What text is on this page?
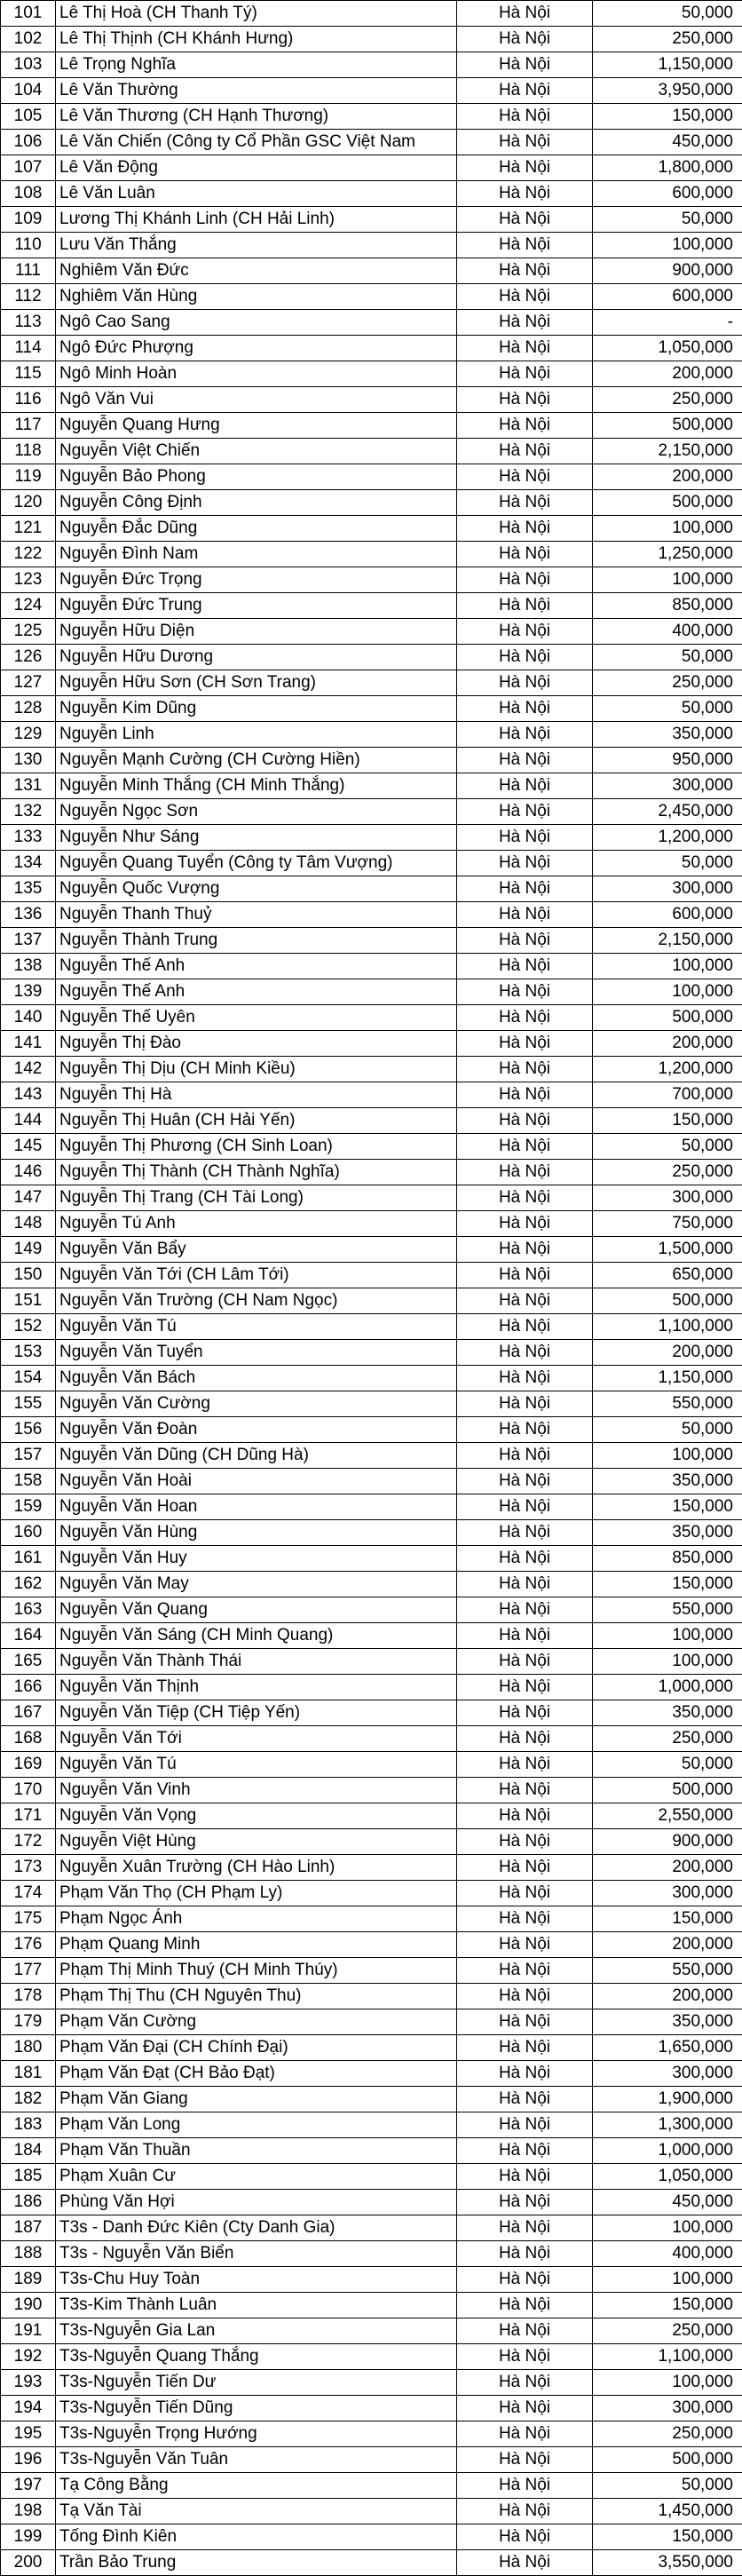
101	Lê Thị Hoà (CH Thanh Tý)	Hà Nội	50,000
102	Lê Thị Thịnh (CH Khánh Hưng)	Hà Nội	250,000
103	Lê Trọng Nghĩa	Hà Nội	1,150,000
104	Lê Văn Thường	Hà Nội	3,950,000
105	Lê Văn Thương (CH Hạnh Thương)	Hà Nội	150,000
106	Lê Văn Chiến (Công ty Cổ Phần GSC Việt Nam	Hà Nội	450,000
107	Lê Văn Động	Hà Nội	1,800,000
108	Lê Văn Luân	Hà Nội	600,000
109	Lương Thị Khánh Linh (CH Hải Linh)	Hà Nội	50,000
110	Lưu Văn Thắng	Hà Nội	100,000
111	Nghiêm Văn Đức	Hà Nội	900,000
112	Nghiêm Văn Hùng	Hà Nội	600,000
113	Ngô Cao Sang	Hà Nội	-
114	Ngô Đức Phượng	Hà Nội	1,050,000
115	Ngô Minh Hoàn	Hà Nội	200,000
116	Ngô Văn Vui	Hà Nội	250,000
117	Nguyễn Quang Hưng	Hà Nội	500,000
118	Nguyễn Việt Chiến	Hà Nội	2,150,000
119	Nguyễn Bảo Phong	Hà Nội	200,000
120	Nguyễn Công Định	Hà Nội	500,000
121	Nguyễn Đắc Dũng	Hà Nội	100,000
122	Nguyễn Đình Nam	Hà Nội	1,250,000
123	Nguyễn Đức Trọng	Hà Nội	100,000
124	Nguyễn Đức Trung	Hà Nội	850,000
125	Nguyễn Hữu Diện	Hà Nội	400,000
126	Nguyễn Hữu Dương	Hà Nội	50,000
127	Nguyễn Hữu Sơn (CH Sơn Trang)	Hà Nội	250,000
128	Nguyễn Kim Dũng	Hà Nội	50,000
129	Nguyễn Linh	Hà Nội	350,000
130	Nguyễn Mạnh Cường (CH Cường Hiền)	Hà Nội	950,000
131	Nguyễn Minh Thắng (CH Minh Thắng)	Hà Nội	300,000
132	Nguyễn Ngọc Sơn	Hà Nội	2,450,000
133	Nguyễn Như Sáng	Hà Nội	1,200,000
134	Nguyễn Quang Tuyển (Công ty Tâm Vượng)	Hà Nội	50,000
135	Nguyễn Quốc Vượng	Hà Nội	300,000
136	Nguyễn Thanh Thuỷ	Hà Nội	600,000
137	Nguyễn Thành Trung	Hà Nội	2,150,000
138	Nguyễn Thế Anh	Hà Nội	100,000
139	Nguyễn Thế Anh	Hà Nội	100,000
140	Nguyễn Thế Uyên	Hà Nội	500,000
141	Nguyễn Thị Đào	Hà Nội	200,000
142	Nguyễn Thị Dịu (CH Minh Kiều)	Hà Nội	1,200,000
143	Nguyễn Thị Hà	Hà Nội	700,000
144	Nguyễn Thị Huân (CH Hải Yến)	Hà Nội	150,000
145	Nguyễn Thị Phương (CH Sinh Loan)	Hà Nội	50,000
146	Nguyễn Thị Thành (CH Thành Nghĩa)	Hà Nội	250,000
147	Nguyễn Thị Trang (CH Tài Long)	Hà Nội	300,000
148	Nguyễn Tú Anh	Hà Nội	750,000
149	Nguyễn Văn Bẩy	Hà Nội	1,500,000
150	Nguyễn Văn Tới (CH Lâm Tới)	Hà Nội	650,000
151	Nguyễn Văn Trường (CH Nam Ngọc)	Hà Nội	500,000
152	Nguyễn Văn Tú	Hà Nội	1,100,000
153	Nguyễn Văn Tuyển	Hà Nội	200,000
154	Nguyễn Văn Bách	Hà Nội	1,150,000
155	Nguyễn Văn Cường	Hà Nội	550,000
156	Nguyễn Văn Đoàn	Hà Nội	50,000
157	Nguyễn Văn Dũng (CH Dũng Hà)	Hà Nội	100,000
158	Nguyễn Văn Hoài	Hà Nội	350,000
159	Nguyễn Văn Hoan	Hà Nội	150,000
160	Nguyễn Văn Hùng	Hà Nội	350,000
161	Nguyễn Văn Huy	Hà Nội	850,000
162	Nguyễn Văn May	Hà Nội	150,000
163	Nguyễn Văn Quang	Hà Nội	550,000
164	Nguyễn Văn Sáng (CH Minh Quang)	Hà Nội	100,000
165	Nguyễn Văn Thành Thái	Hà Nội	100,000
166	Nguyễn Văn Thịnh	Hà Nội	1,000,000
167	Nguyễn Văn Tiệp (CH Tiệp Yến)	Hà Nội	350,000
168	Nguyễn Văn Tới	Hà Nội	250,000
169	Nguyễn Văn Tú	Hà Nội	50,000
170	Nguyễn Văn Vinh	Hà Nội	500,000
171	Nguyễn Văn Vọng	Hà Nội	2,550,000
172	Nguyễn Việt Hùng	Hà Nội	900,000
173	Nguyễn Xuân Trường (CH Hào Linh)	Hà Nội	200,000
174	Phạm Văn Thọ (CH Phạm Ly)	Hà Nội	300,000
175	Phạm Ngọc Ánh	Hà Nội	150,000
176	Phạm Quang Minh	Hà Nội	200,000
177	Phạm Thị Minh Thuý (CH Minh Thúy)	Hà Nội	550,000
178	Phạm Thị Thu (CH Nguyên Thu)	Hà Nội	200,000
179	Phạm Văn Cường	Hà Nội	350,000
180	Phạm Văn Đại (CH Chính Đại)	Hà Nội	1,650,000
181	Phạm Văn Đạt (CH Bảo Đạt)	Hà Nội	300,000
182	Phạm Văn Giang	Hà Nội	1,900,000
183	Phạm Văn Long	Hà Nội	1,300,000
184	Phạm Văn Thuần	Hà Nội	1,000,000
185	Phạm Xuân Cư	Hà Nội	1,050,000
186	Phùng Văn Hợi	Hà Nội	450,000
187	T3s - Danh Đức Kiên (Cty Danh Gia)	Hà Nội	100,000
188	T3s - Nguyễn Văn Biển	Hà Nội	400,000
189	T3s-Chu Huy Toàn	Hà Nội	100,000
190	T3s-Kim Thành Luân	Hà Nội	150,000
191	T3s-Nguyễn Gia Lan	Hà Nội	250,000
192	T3s-Nguyễn Quang Thắng	Hà Nội	1,100,000
193	T3s-Nguyễn Tiến Dư	Hà Nội	100,000
194	T3s-Nguyễn Tiến Dũng	Hà Nội	300,000
195	T3s-Nguyễn Trọng Hướng	Hà Nội	250,000
196	T3s-Nguyễn Văn Tuân	Hà Nội	500,000
197	Tạ Công Bằng	Hà Nội	50,000
198	Tạ Văn Tài	Hà Nội	1,450,000
199	Tống Đình Kiên	Hà Nội	150,000
200	Trần Bảo Trung	Hà Nội	3,550,000
